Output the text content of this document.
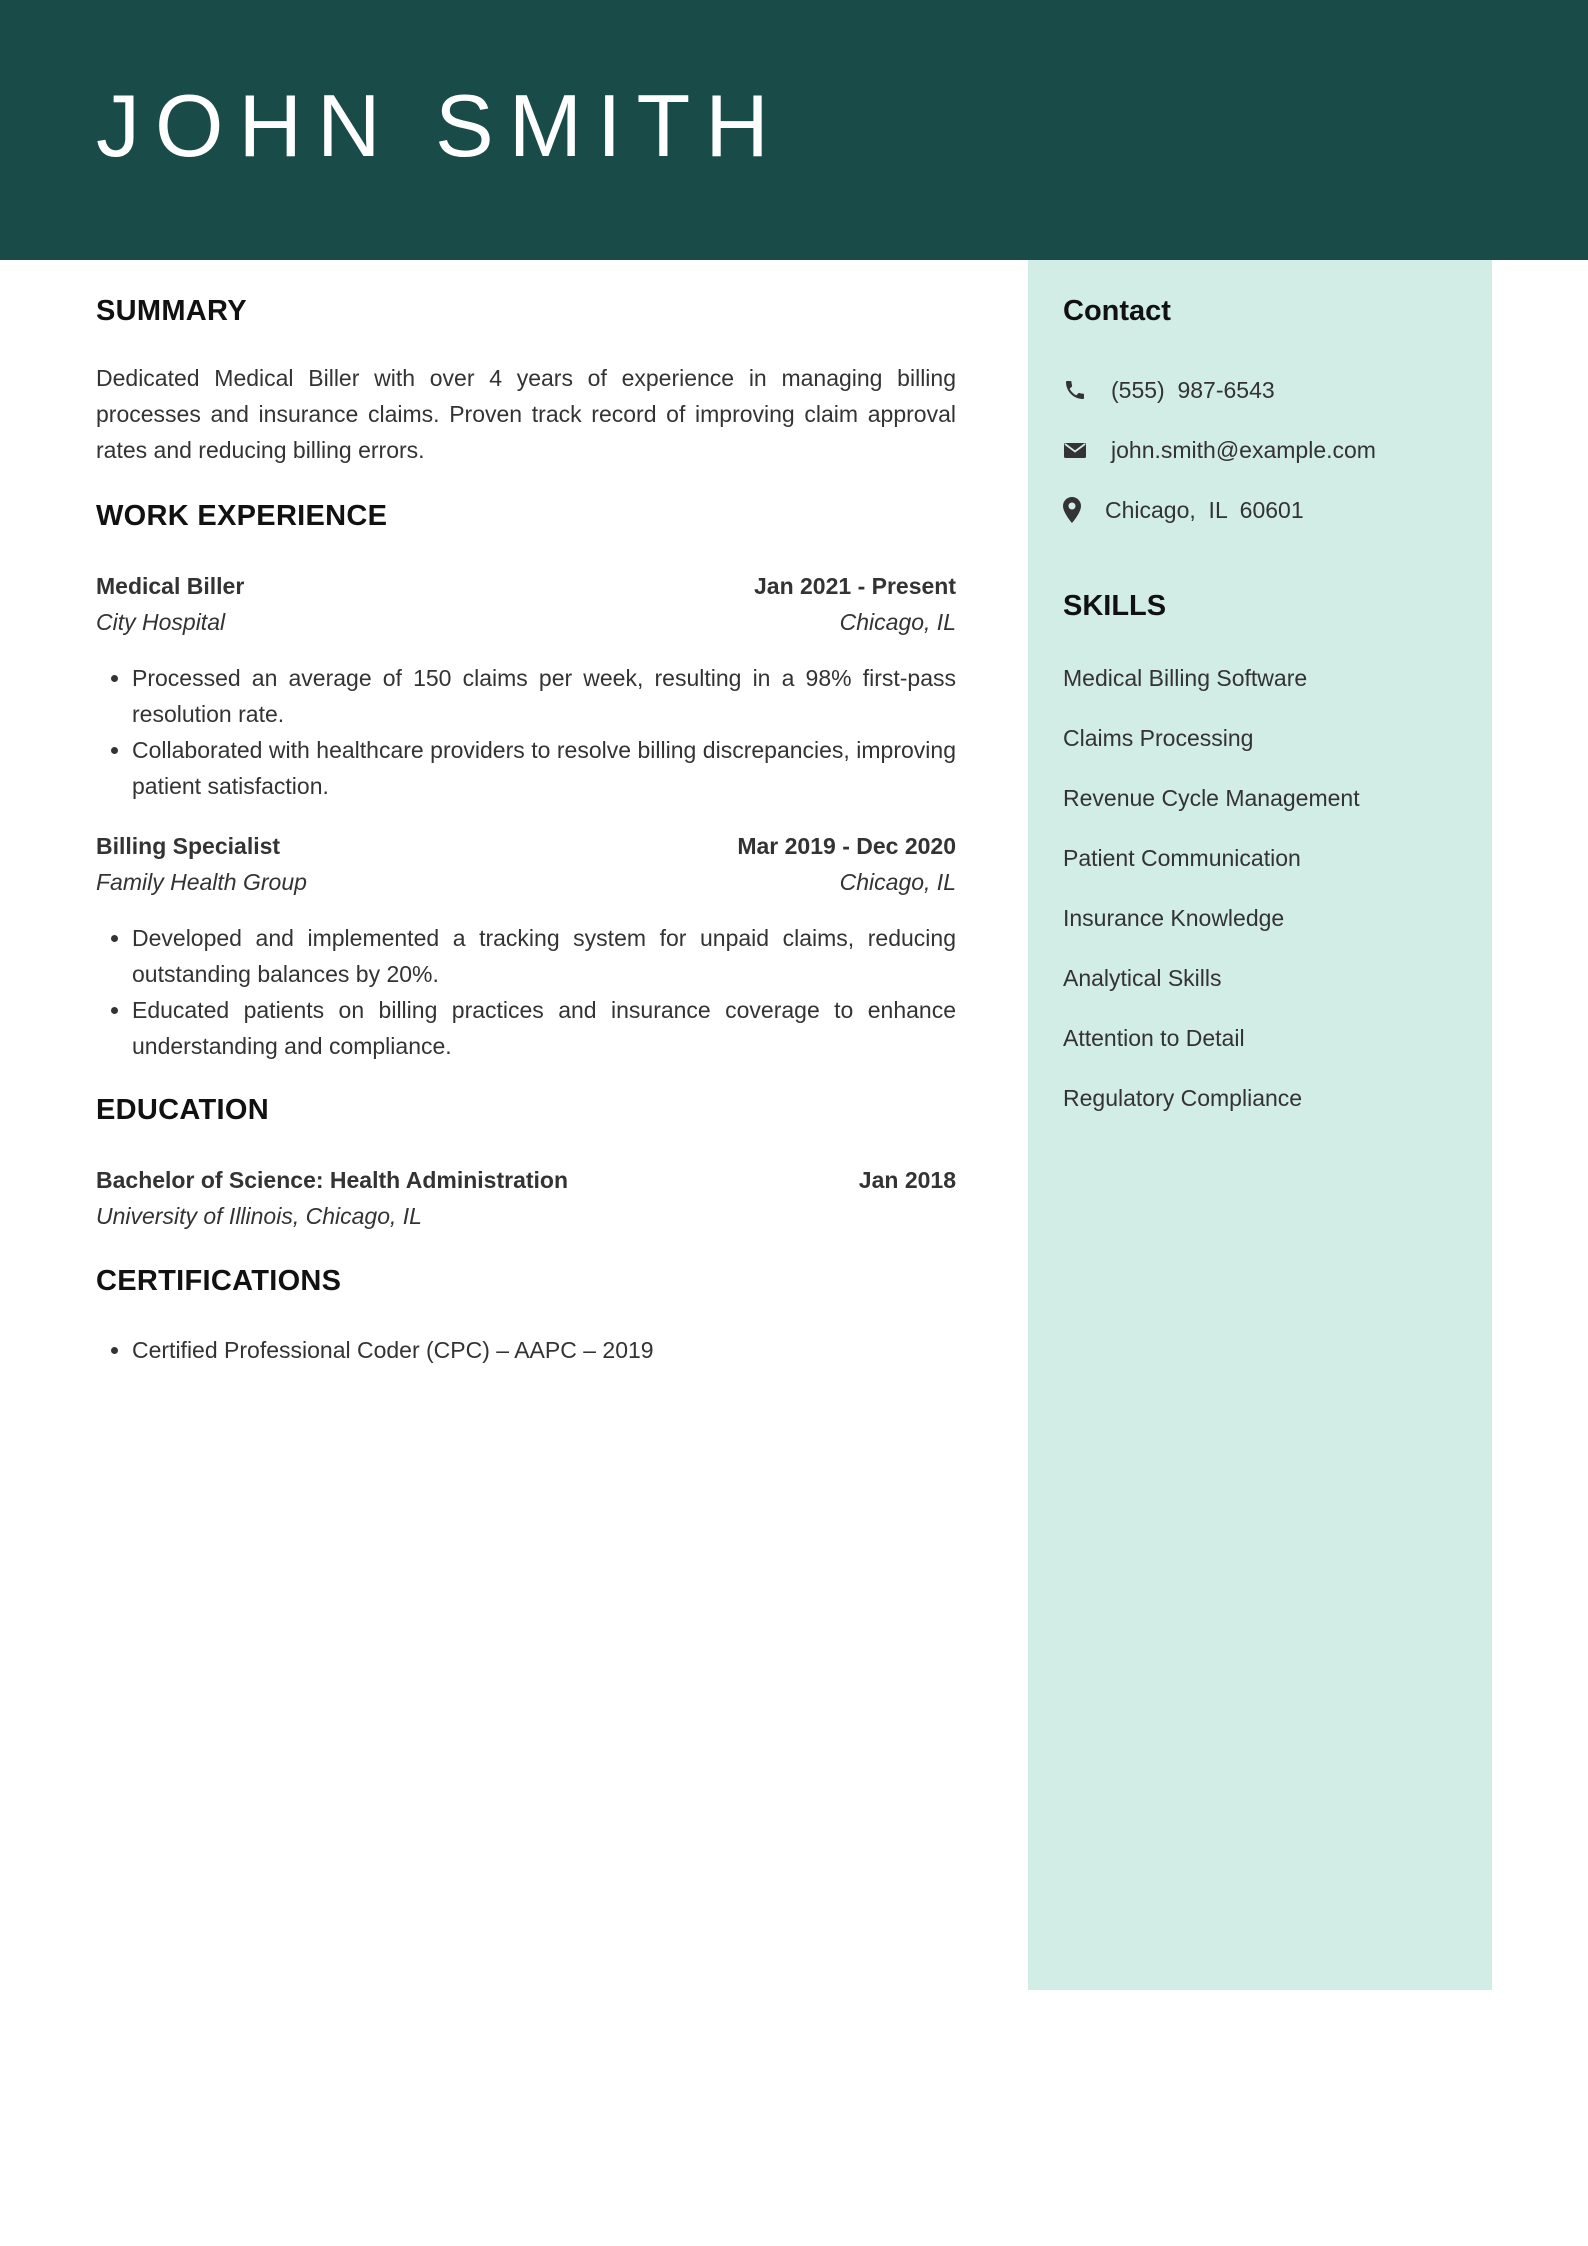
JOHN SMITH
SUMMARY

Dedicated Medical Biller with over 4 years of experience in managing billing processes and insurance claims. Proven track record of improving claim approval rates and reducing billing errors.

WORK EXPERIENCE
Medical Biller	Jan 2021 - Present
City Hospital	Chicago, IL
• Processed an average of 150 claims per week, resulting in a 98% first-pass resolution rate.
• Collaborated with healthcare providers to resolve billing discrepancies, improving patient satisfaction.
Billing Specialist	Mar 2019 - Dec 2020
Family Health Group	Chicago, IL
• Developed and implemented a tracking system for unpaid claims, reducing outstanding balances by 20%.
• Educated patients on billing practices and insurance coverage to enhance understanding and compliance.
EDUCATION
Bachelor of Science: Health Administration	Jan 2018
University of Illinois, Chicago, IL
CERTIFICATIONS
• Certified Professional Coder (CPC) – AAPC – 2019
Contact
(555)  987-6543
john.smith@example.com
Chicago,  IL  60601
SKILLS
Medical Billing Software
Claims Processing
Revenue Cycle Management
Patient Communication
Insurance Knowledge
Analytical Skills
Attention to Detail
Regulatory Compliance
